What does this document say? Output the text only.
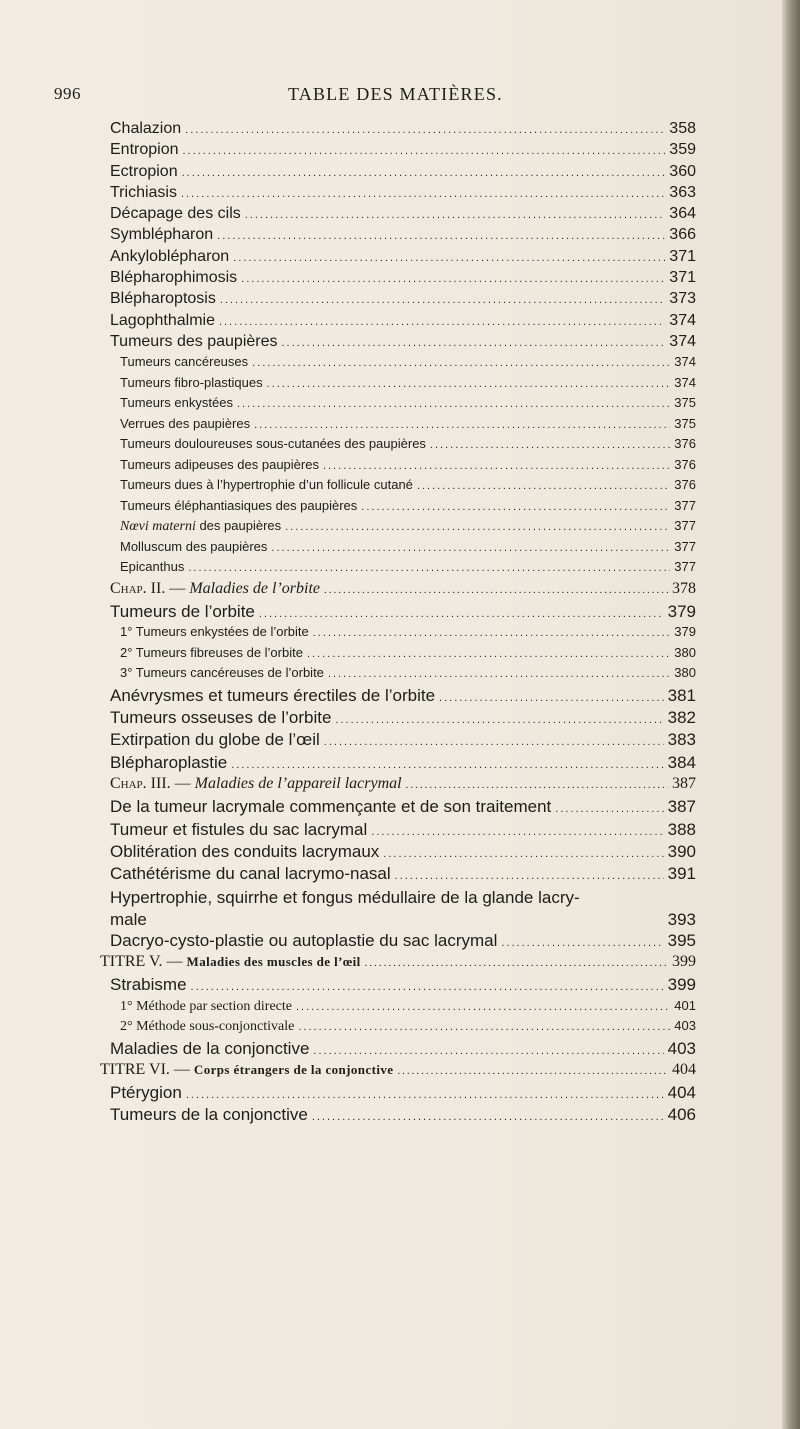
996	TABLE DES MATIÈRES.
Chalazion .....	358
Entropion .....	359
Ectropion .....	360
Trichiasis .....	363
Décapage des cils .....	364
Symblépharon .....	366
Ankyloblépharon .....	371
Blépharophimosis .....	371
Blépharoptosis .....	373
Lagophthalmie .....	374
Tumeurs des paupières .....	374
Tumeurs cancéreuses .....	374
Tumeurs fibro-plastiques .....	374
Tumeurs enkystées .....	375
Verrues des paupières .....	375
Tumeurs douloureuses sous-cutanées des paupières .....	376
Tumeurs adipeuses des paupières .....	376
Tumeurs dues à l’hypertrophie d’un follicule cutané .....	376
Tumeurs éléphantiasiques des paupières .....	377
Nœvi materni des paupières .....	377
Molluscum des paupières .....	377
Epicanthus .....	377
Chap. II. — Maladies de l’orbite .....	378
Tumeurs de l’orbite .....	379
1° Tumeurs enkystées de l’orbite .....	379
2° Tumeurs fibreuses de l’orbite .....	380
3° Tumeurs cancéreuses de l’orbite .....	380
Anévrysmes et tumeurs érectiles de l’orbite .....	381
Tumeurs osseuses de l’orbite .....	382
Extirpation du globe de l’œil .....	383
Blépharoplastie .....	384
Chap. III. — Maladies de l’appareil lacrymal .....	387
De la tumeur lacrymale commençante et de son traitement .....	387
Tumeur et fistules du sac lacrymal .....	388
Oblitération des conduits lacrymaux .....	390
Cathétérisme du canal lacrymo-nasal .....	391
Hypertrophie, squirrhe et fongus médullaire de la glande lacry-
male	393
Dacryo-cysto-plastie ou autoplastie du sac lacrymal .....	395
TITRE V. — Maladies des muscles de l’œil .....	399
Strabisme .....	399
1° Méthode par section directe .....	401
2° Méthode sous-conjonctivale .....	403
Maladies de la conjonctive .....	403
TITRE VI. — Corps étrangers de la conjonctive .....	404
Ptérygion .....	404
Tumeurs de la conjonctive .....	406
